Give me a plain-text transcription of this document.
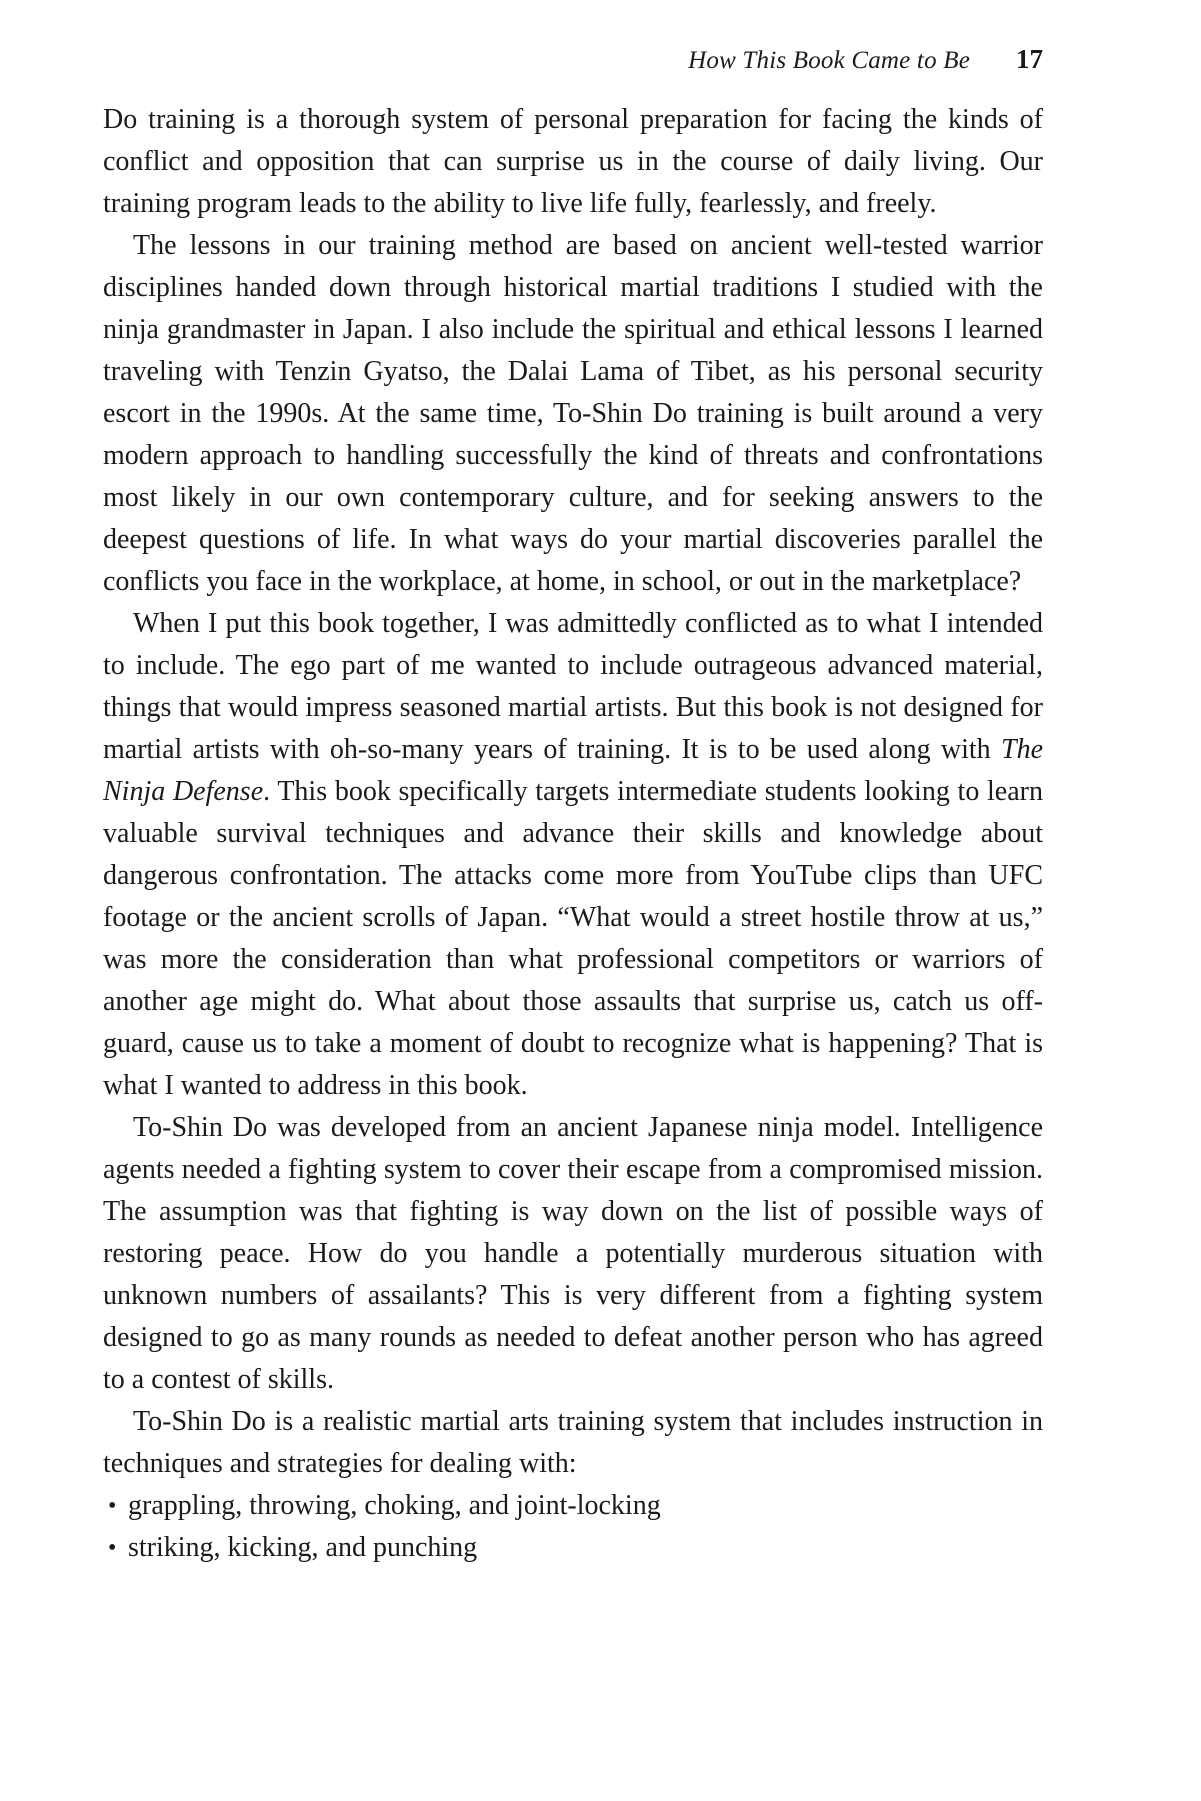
How This Book Came to Be 17

Do training is a thorough system of personal preparation for facing the kinds of conflict and opposition that can surprise us in the course of daily living. Our training program leads to the ability to live life fully, fearlessly, and freely.

The lessons in our training method are based on ancient well-tested warrior disciplines handed down through historical martial traditions I studied with the ninja grandmaster in Japan. I also include the spiritual and ethical lessons I learned traveling with Tenzin Gyatso, the Dalai Lama of Tibet, as his personal security escort in the 1990s. At the same time, To-Shin Do training is built around a very modern approach to handling successfully the kind of threats and confrontations most likely in our own contemporary culture, and for seeking answers to the deepest questions of life. In what ways do your martial discoveries parallel the conflicts you face in the workplace, at home, in school, or out in the marketplace?

When I put this book together, I was admittedly conflicted as to what I intended to include. The ego part of me wanted to include outrageous advanced material, things that would impress seasoned martial artists. But this book is not designed for martial artists with oh-so-many years of training. It is to be used along with The Ninja Defense. This book specifically targets intermediate students looking to learn valuable survival techniques and advance their skills and knowledge about dangerous confrontation. The attacks come more from YouTube clips than UFC footage or the ancient scrolls of Japan. “What would a street hostile throw at us,” was more the consideration than what professional competitors or warriors of another age might do. What about those assaults that surprise us, catch us off-guard, cause us to take a moment of doubt to recognize what is happening? That is what I wanted to address in this book.

To-Shin Do was developed from an ancient Japanese ninja model. Intelligence agents needed a fighting system to cover their escape from a compromised mission. The assumption was that fighting is way down on the list of possible ways of restoring peace. How do you handle a potentially murderous situation with unknown numbers of assailants? This is very different from a fighting system designed to go as many rounds as needed to defeat another person who has agreed to a contest of skills.

To-Shin Do is a realistic martial arts training system that includes instruction in techniques and strategies for dealing with:

• grappling, throwing, choking, and joint-locking
• striking, kicking, and punching
